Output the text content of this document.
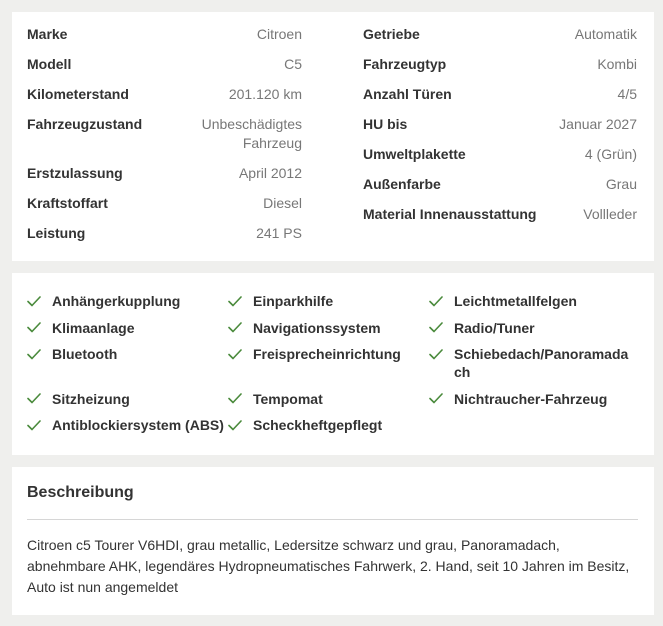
Marke	Citroen
Modell	C5
Kilometerstand	201.120 km
Fahrzeugzustand	Unbeschädigtes Fahrzeug
Erstzulassung	April 2012
Kraftstoffart	Diesel
Leistung	241 PS
Getriebe	Automatik
Fahrzeugtyp	Kombi
Anzahl Türen	4/5
HU bis	Januar 2027
Umweltplakette	4 (Grün)
Außenfarbe	Grau
Material Innenausstattung	Vollleder
Anhängerkupplung	Einparkhilfe	Leichtmetallfelgen
Klimaanlage	Navigationssystem	Radio/Tuner
Bluetooth	Freisprecheinrichtung	Schiebedach/Panoramadach
Sitzheizung	Tempomat	Nichtraucher-Fahrzeug
Antiblockiersystem (ABS) Scheckheftgepflegt
Beschreibung
Citroen c5 Tourer V6HDI, grau metallic, Ledersitze schwarz und grau, Panoramadach, abnehmbare AHK, legendäres Hydropneumatisches Fahrwerk, 2. Hand, seit 10 Jahren im Besitz, Auto ist nun angemeldet
